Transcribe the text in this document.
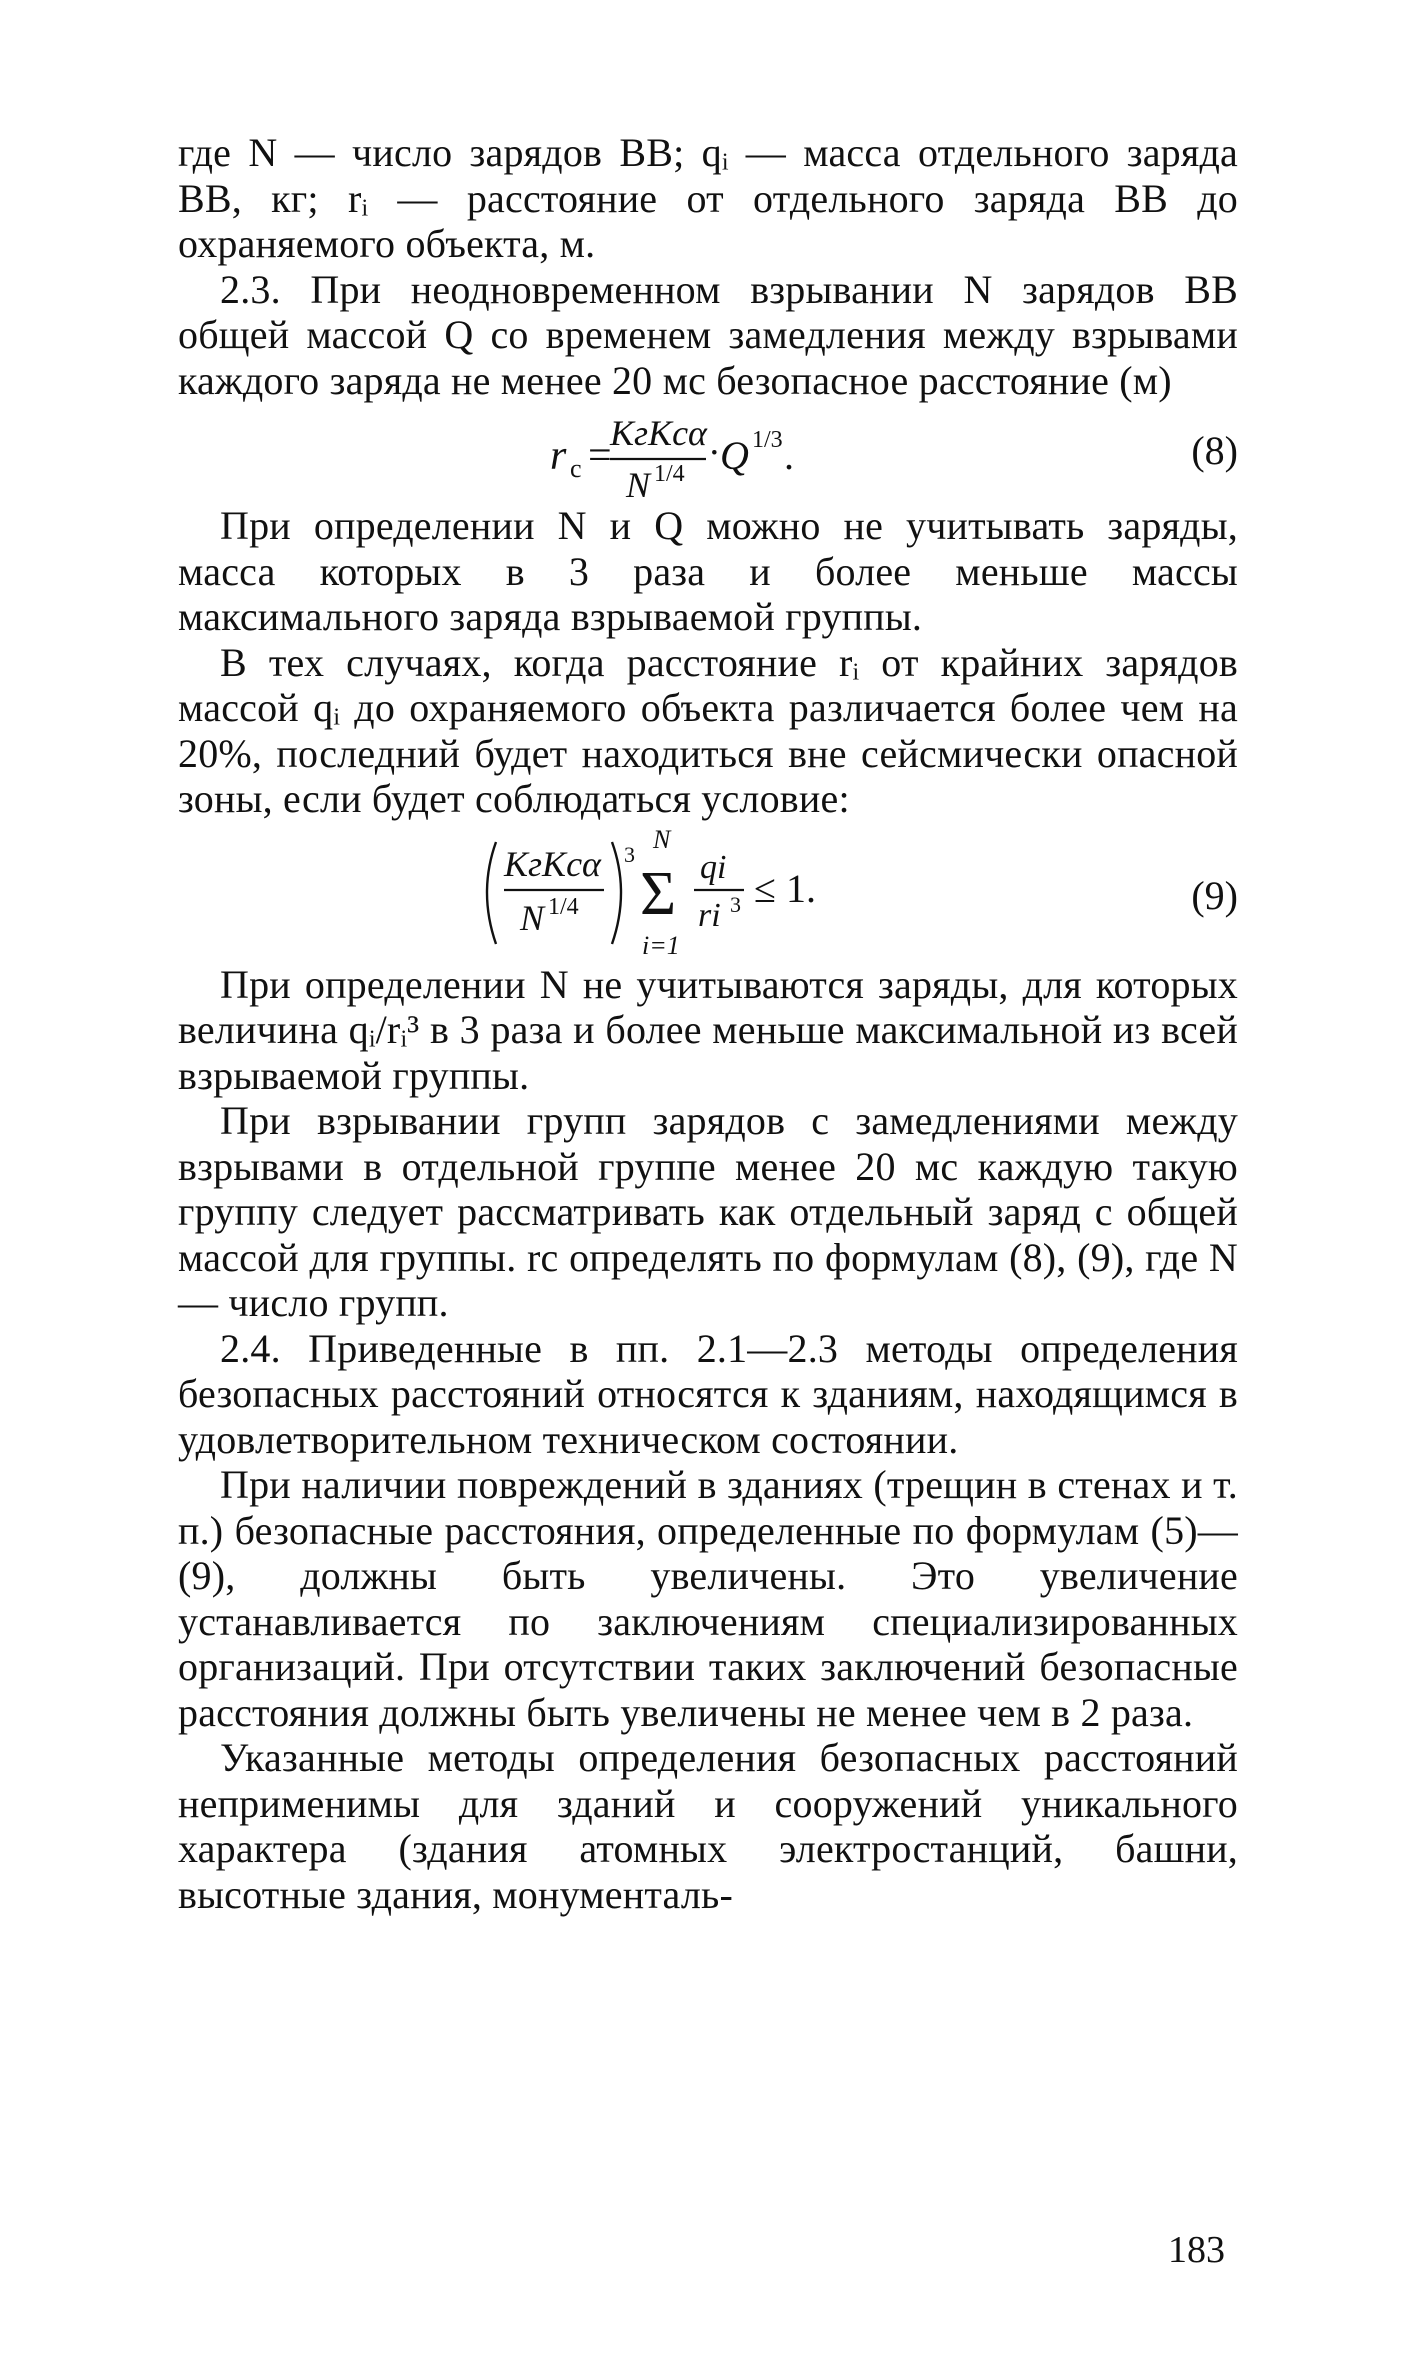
где N — число зарядов ВВ; qᵢ — масса отдельного заряда ВВ, кг; rᵢ — расстояние от отдельного заряда ВВ до охраняемого объекта, м.

2.3. При неодновременном взрывании N зарядов ВВ общей массой Q со временем замедления между взрывами каждого заряда не менее 20 мс безопасное расстояние (м)

r с =
KгKсα
N 1/4 · Q 1/3 .	(8)

При определении N и Q можно не учитывать заряды, масса которых в 3 раза и более меньше массы максимального заряда взрываемой группы.

В тех случаях, когда расстояние rᵢ от крайних зарядов массой qᵢ до охраняемого объекта различается более чем на 20%, последний будет находиться вне сейсмически опасной зоны, если будет соблюдаться условие:

KгKсα
N 1/4
3
N
Σ
i=1
qi
ri 3 ≤ 1.	(9)

При определении N не учитываются заряды, для которых величина qᵢ/rᵢ³ в 3 раза и более меньше максимальной из всей взрываемой группы.

При взрывании групп зарядов с замедлениями между взрывами в отдельной группе менее 20 мс каждую такую группу следует рассматривать как отдельный заряд с общей массой для группы. rс определять по формулам (8), (9), где N — число групп.

2.4. Приведенные в пп. 2.1—2.3 методы определения безопасных расстояний относятся к зданиям, находящимся в удовлетворительном техническом состоянии.

При наличии повреждений в зданиях (трещин в стенах и т. п.) безопасные расстояния, определенные по формулам (5)—(9), должны быть увеличены. Это увеличение устанавливается по заключениям специализированных организаций. При отсутствии таких заключений безопасные расстояния должны быть увеличены не менее чем в 2 раза.

Указанные методы определения безопасных расстояний неприменимы для зданий и сооружений уникального характера (здания атомных электростанций, башни, высотные здания, монументаль-

183
